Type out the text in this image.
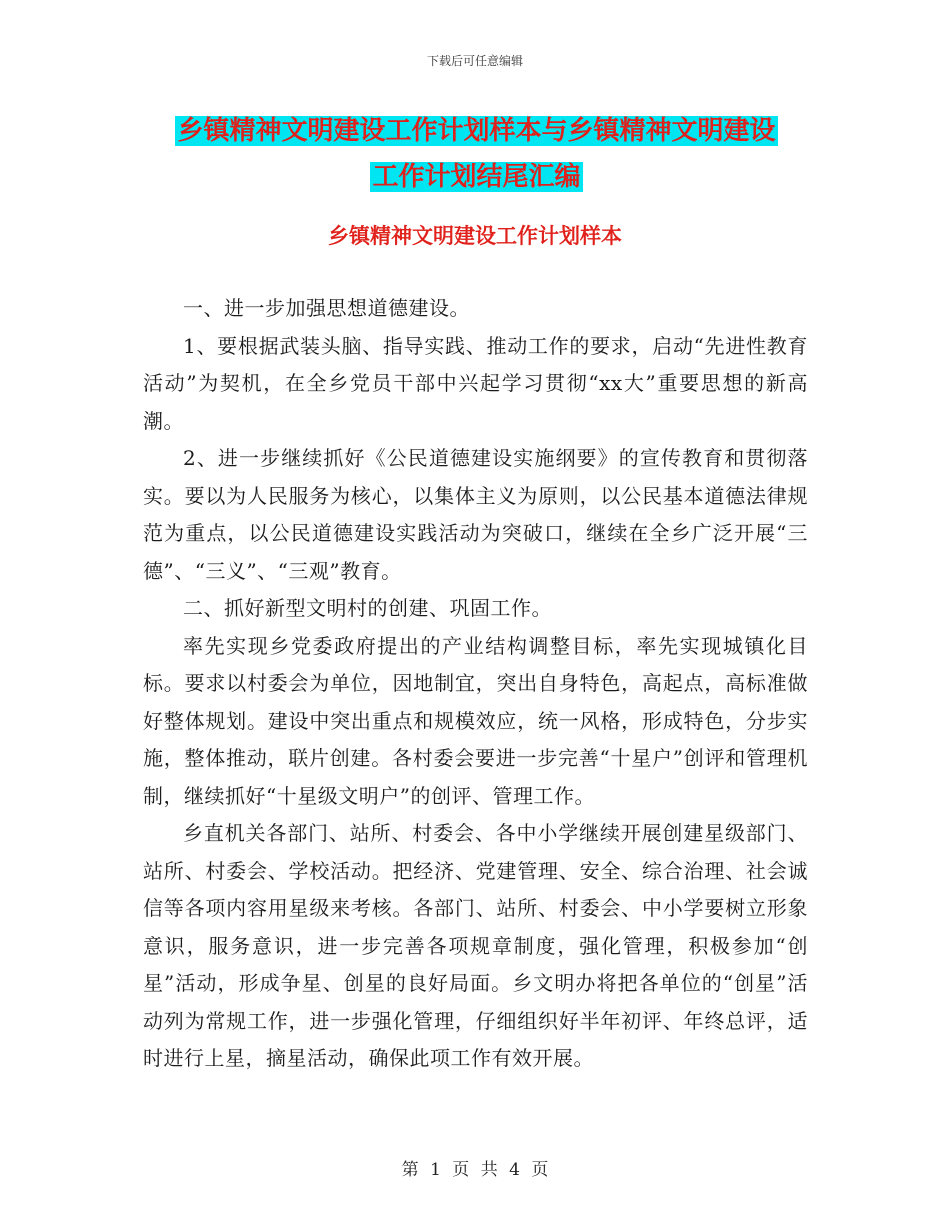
下载后可任意编辑
乡镇精神文明建设工作计划样本与乡镇精神文明建设
工作计划结尾汇编
乡镇精神文明建设工作计划样本

一、进一步加强思想道德建设。

1、要根据武装头脑、指导实践、推动工作的要求，启动“先进性教育活动”为契机，在全乡党员干部中兴起学习贯彻“xx大”重要思想的新高潮。

2、进一步继续抓好《公民道德建设实施纲要》的宣传教育和贯彻落实。要以为人民服务为核心，以集体主义为原则，以公民基本道德法律规范为重点，以公民道德建设实践活动为突破口，继续在全乡广泛开展“三德”、“三义”、“三观”教育。

二、抓好新型文明村的创建、巩固工作。

率先实现乡党委政府提出的产业结构调整目标，率先实现城镇化目标。要求以村委会为单位，因地制宜，突出自身特色，高起点，高标准做好整体规划。建设中突出重点和规模效应，统一风格，形成特色，分步实施，整体推动，联片创建。各村委会要进一步完善“十星户”创评和管理机制，继续抓好“十星级文明户”的创评、管理工作。

乡直机关各部门、站所、村委会、各中小学继续开展创建星级部门、站所、村委会、学校活动。把经济、党建管理、安全、综合治理、社会诚信等各项内容用星级来考核。各部门、站所、村委会、中小学要树立形象意识，服务意识，进一步完善各项规章制度，强化管理，积极参加“创星”活动，形成争星、创星的良好局面。乡文明办将把各单位的“创星”活动列为常规工作，进一步强化管理，仔细组织好半年初评、年终总评，适时进行上星，摘星活动，确保此项工作有效开展。

第 1 页 共 4 页
